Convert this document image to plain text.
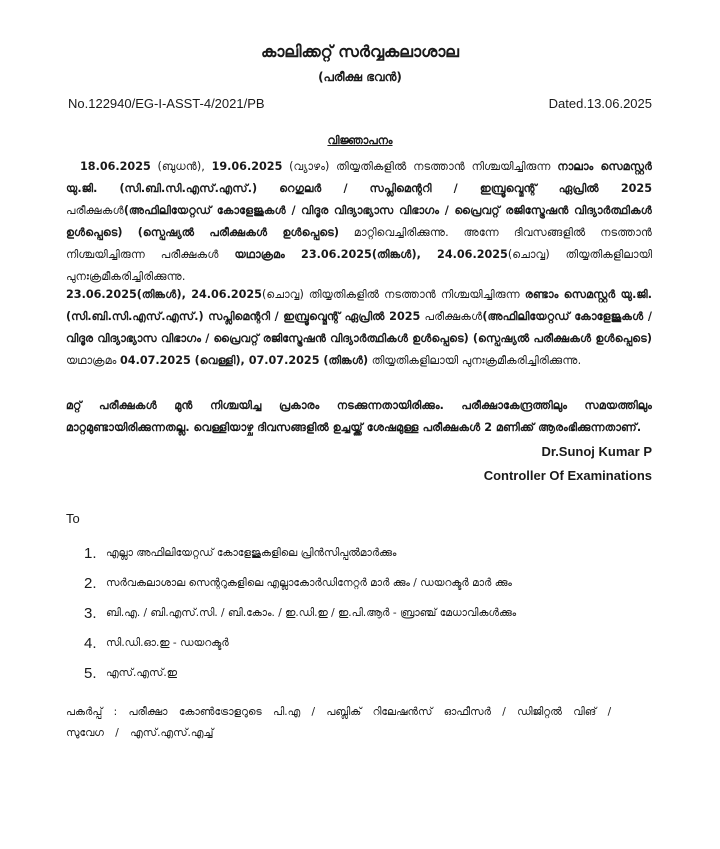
കാലിക്കറ്റ് സർവ്വകലാശാല
(പരീക്ഷ ഭവൻ)
No.122940/EG-I-ASST-4/2021/PB	Dated.13.06.2025
വിജ്ഞാപനം
18.06.2025 (ബുധൻ), 19.06.2025 (വ്യാഴം) തിയ്യതികളിൽ നടത്താൻ നിശ്ചയിച്ചിരുന്ന നാലാം സെമസ്റ്റർ യു.ജി. (സി.ബി.സി.എസ്.എസ്.) റെഗുലർ / സപ്ലിമെന്ററി / ഇമ്പ്രൂവ്മെന്റ് ഏപ്രിൽ 2025 പരീക്ഷകൾ(അഫിലിയേറ്റഡ് കോളേജുകൾ / വിദൂര വിദ്യാഭ്യാസ വിഭാഗം / പ്രൈവറ്റ് രജിസ്ട്രേഷൻ വിദ്യാർത്ഥികൾ ഉൾപ്പെടെ) (സ്പെഷ്യൽ പരീക്ഷകൾ ഉൾപ്പെടെ) മാറ്റിവെച്ചിരിക്കുന്നു. അന്നേ ദിവസങ്ങളിൽ നടത്താൻ നിശ്ചയിച്ചിരുന്ന പരീക്ഷകൾ യഥാക്രമം 23.06.2025(തിങ്കൾ), 24.06.2025(ചൊവ്വ) തിയ്യതികളിലായി പുനഃക്രമീകരിച്ചിരിക്കുന്നു.
23.06.2025(തിങ്കൾ), 24.06.2025(ചൊവ്വ) തിയ്യതികളിൽ നടത്താൻ നിശ്ചയിച്ചിരുന്ന രണ്ടാം സെമസ്റ്റർ യു.ജി. (സി.ബി.സി.എസ്.എസ്.) സപ്ലിമെന്ററി / ഇമ്പ്രൂവ്മെന്റ് ഏപ്രിൽ 2025 പരീക്ഷകൾ(അഫിലിയേറ്റഡ് കോളേജുകൾ / വിദൂര വിദ്യാഭ്യാസ വിഭാഗം / പ്രൈവറ്റ് രജിസ്ട്രേഷൻ വിദ്യാർത്ഥികൾ ഉൾപ്പെടെ) (സ്പെഷ്യൽ പരീക്ഷകൾ ഉൾപ്പെടെ) യഥാക്രമം 04.07.2025 (വെള്ളി), 07.07.2025 (തിങ്കൾ) തിയ്യതികളിലായി പുനഃക്രമീകരിച്ചിരിക്കുന്നു.
മറ്റ് പരീക്ഷകൾ മുൻ നിശ്ചയിച്ച പ്രകാരം നടക്കുന്നതായിരിക്കും. പരീക്ഷാകേന്ദ്രത്തിലും സമയത്തിലും മാറ്റമുണ്ടായിരിക്കുന്നതല്ല. വെള്ളിയാഴ്ച ദിവസങ്ങളിൽ ഉച്ചയ്ക്ക് ശേഷമുള്ള പരീക്ഷകൾ 2 മണിക്ക് ആരംഭിക്കുന്നതാണ്.
Dr.Sunoj Kumar P
Controller Of Examinations
To
1. എല്ലാ അഫിലിയേറ്റഡ് കോളേജുകളിലെ പ്രിൻസിപ്പൽമാർക്കും
2. സർവകലാശാല സെന്ററുകളിലെ എല്ലാകോർഡിനേറ്റർ മാർ ക്കും / ഡയറക്ടർ മാർ ക്കും
3. ബി.എ. / ബി.എസ്.സി. / ബി.കോം. / ഇ.ഡി.ഇ / ഇ.പി.ആർ - ബ്രാഞ്ച് മേധാവികൾക്കും
4. സി.ഡി.ഓ.ഇ - ഡയറക്ടർ
5. എസ്.എസ്.ഇ
പകർപ്പ് : പരീക്ഷാ കോൺട്രോളറുടെ പി.എ / പബ്ലിക് റിലേഷൻസ് ഓഫീസർ / ഡിജിറ്റൽ വിങ് / സുവേഗ / എസ്.എസ്.എച്ച്
